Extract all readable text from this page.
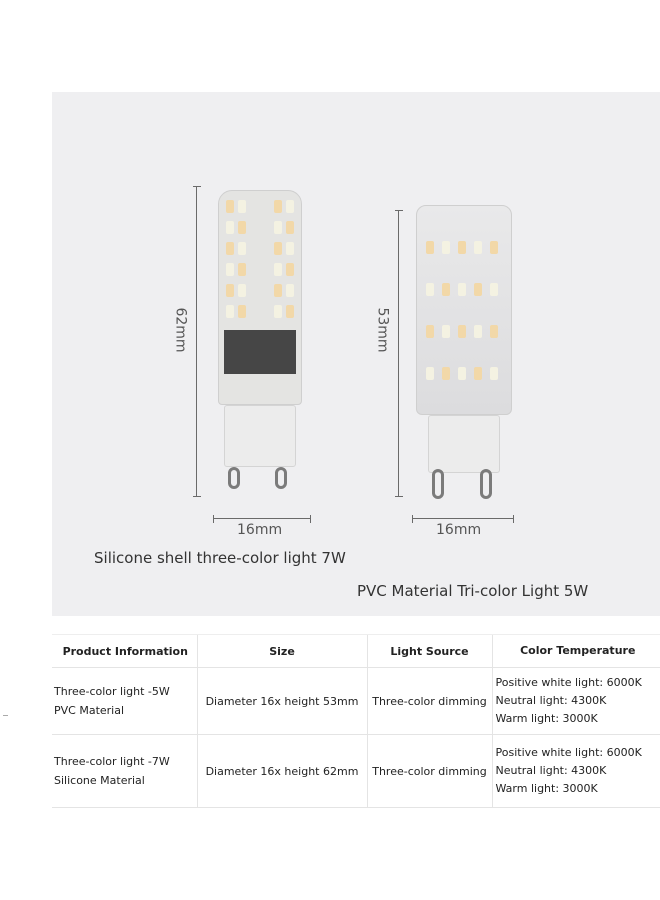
62mm
16mm
Silicone shell three-color light 7W
53mm
16mm
PVC Material Tri-color Light 5W
Product Information	Size	Light Source	Color Temperature

Three-color light -5W
PVC Material	Diameter 16x height 53mm	Three-color dimming	Positive white light: 6000K
Neutral light: 4300K
Warm light: 3000K

Three-color light -7W
Silicone Material	Diameter 16x height 62mm	Three-color dimming	Positive white light: 6000K
Neutral light: 4300K
Warm light: 3000K
